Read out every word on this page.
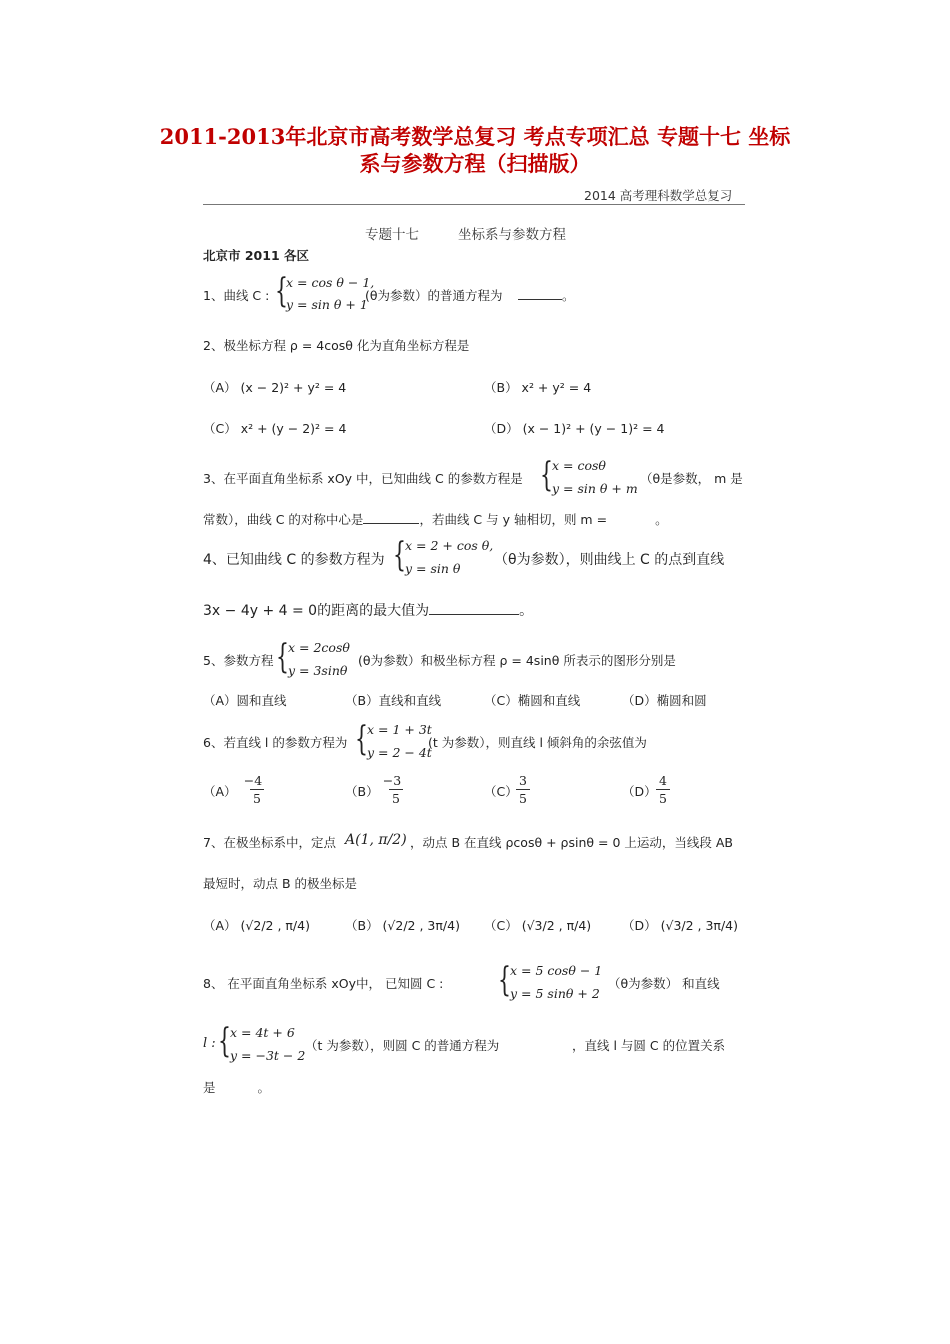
2011-2013年北京市高考数学总复习 考点专项汇总 专题十七 坐标
系与参数方程（扫描版）
2014 高考理科数学总复习
专题十七	坐标系与参数方程
北京市 2011 各区
1、曲线 C : {
x = cos θ − 1,
y = sin θ + 1
(θ为参数）的普通方程为	。
2、极坐标方程 ρ = 4cosθ 化为直角坐标方程是
（A） (x − 2)² + y² = 4	（B） x² + y² = 4
（C） x² + (y − 2)² = 4	（D） (x − 1)² + (y − 1)² = 4
3、在平面直角坐标系 xOy 中，已知曲线 C 的参数方程是 { x = cosθ
y = sin θ + m
（θ是参数， m 是
常数），曲线 C 的对称中心是	，若曲线 C 与 y 轴相切，则 m =	。
4、已知曲线 C 的参数方程为 { x = 2 + cos θ,
y = sin θ
（θ为参数），则曲线上 C 的点到直线
3x − 4y + 4 = 0的距离的最大值为	。
5、参数方程 { x = 2cosθ
y = 3sinθ
(θ为参数）和极坐标方程 ρ = 4sinθ 所表示的图形分别是
（A）圆和直线	（B）直线和直线	（C）椭圆和直线	（D）椭圆和圆
6、若直线 l 的参数方程为 { x = 1 + 3t
y = 2 − 4t
(t 为参数），则直线 l 倾斜角的余弦值为
（A）
−4
5	（B）
−3
5	（C）
3
5	（D）
4
5
7、在极坐标系中，定点 A(1, π/2) ，动点 B 在直线 ρcosθ + ρsinθ = 0 上运动，当线段 AB
最短时，动点 B 的极坐标是
（A） (√2/2 , π/4)	（B） (√2/2 , 3π/4) （C） (√3/2 , π/4) （D） (√3/2 , 3π/4)
8、 在平面直角坐标系 xOy中， 已知圆 C : { x = 5 cosθ − 1
y = 5 sinθ + 2
（θ为参数） 和直线
l : { x = 4t + 6
y = −3t − 2
（t 为参数），则圆 C 的普通方程为	，直线 l 与圆 C 的位置关系
是	。
